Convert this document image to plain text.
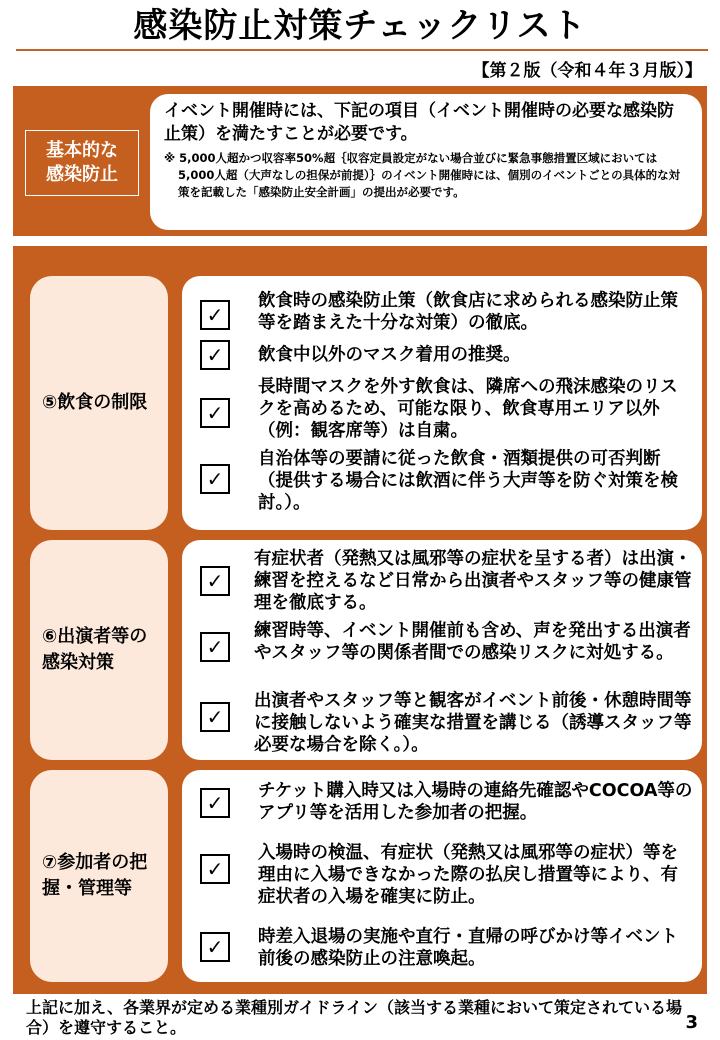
感染防止対策チェックリスト
【第２版（令和４年３月版）】
基本的な
感染防止
イベント開催時には、下記の項目（イベント開催時の必要な感染防止策）を満たすことが必要です。
※ 5,000人超かつ収容率50%超｛収容定員設定がない場合並びに緊急事態措置区域においては5,000人超（大声なしの担保が前提）｝のイベント開催時には、個別のイベントごとの具体的な対策を記載した「感染防止安全計画」の提出が必要です。
⑤飲食の制限
✓
飲食時の感染防止策（飲食店に求められる感染防止策等を踏まえた十分な対策）の徹底。
✓	飲食中以外のマスク着用の推奨。
✓
長時間マスクを外す飲食は、隣席への飛沫感染のリスクを高めるため、可能な限り、飲食専用エリア以外（例：観客席等）は自粛。
✓
自治体等の要請に従った飲食・酒類提供の可否判断（提供する場合には飲酒に伴う大声等を防ぐ対策を検討。）。
⑥出演者等の感染対策
✓
有症状者（発熱又は風邪等の症状を呈する者）は出演・練習を控えるなど日常から出演者やスタッフ等の健康管理を徹底する。
✓
練習時等、イベント開催前も含め、声を発出する出演者やスタッフ等の関係者間での感染リスクに対処する。
✓
出演者やスタッフ等と観客がイベント前後・休憩時間等に接触しないよう確実な措置を講じる（誘導スタッフ等必要な場合を除く。）。
⑦参加者の把握・管理等
✓	チケット購入時又は入場時の連絡先確認やCOCOA等のアプリ等を活用した参加者の把握。
✓
入場時の検温、有症状（発熱又は風邪等の症状）等を理由に入場できなかった際の払戻し措置等により、有症状者の入場を確実に防止。
✓	時差入退場の実施や直行・直帰の呼びかけ等イベント前後の感染防止の注意喚起。
上記に加え、各業界が定める業種別ガイドライン（該当する業種において策定されている場合）を遵守すること。	3
